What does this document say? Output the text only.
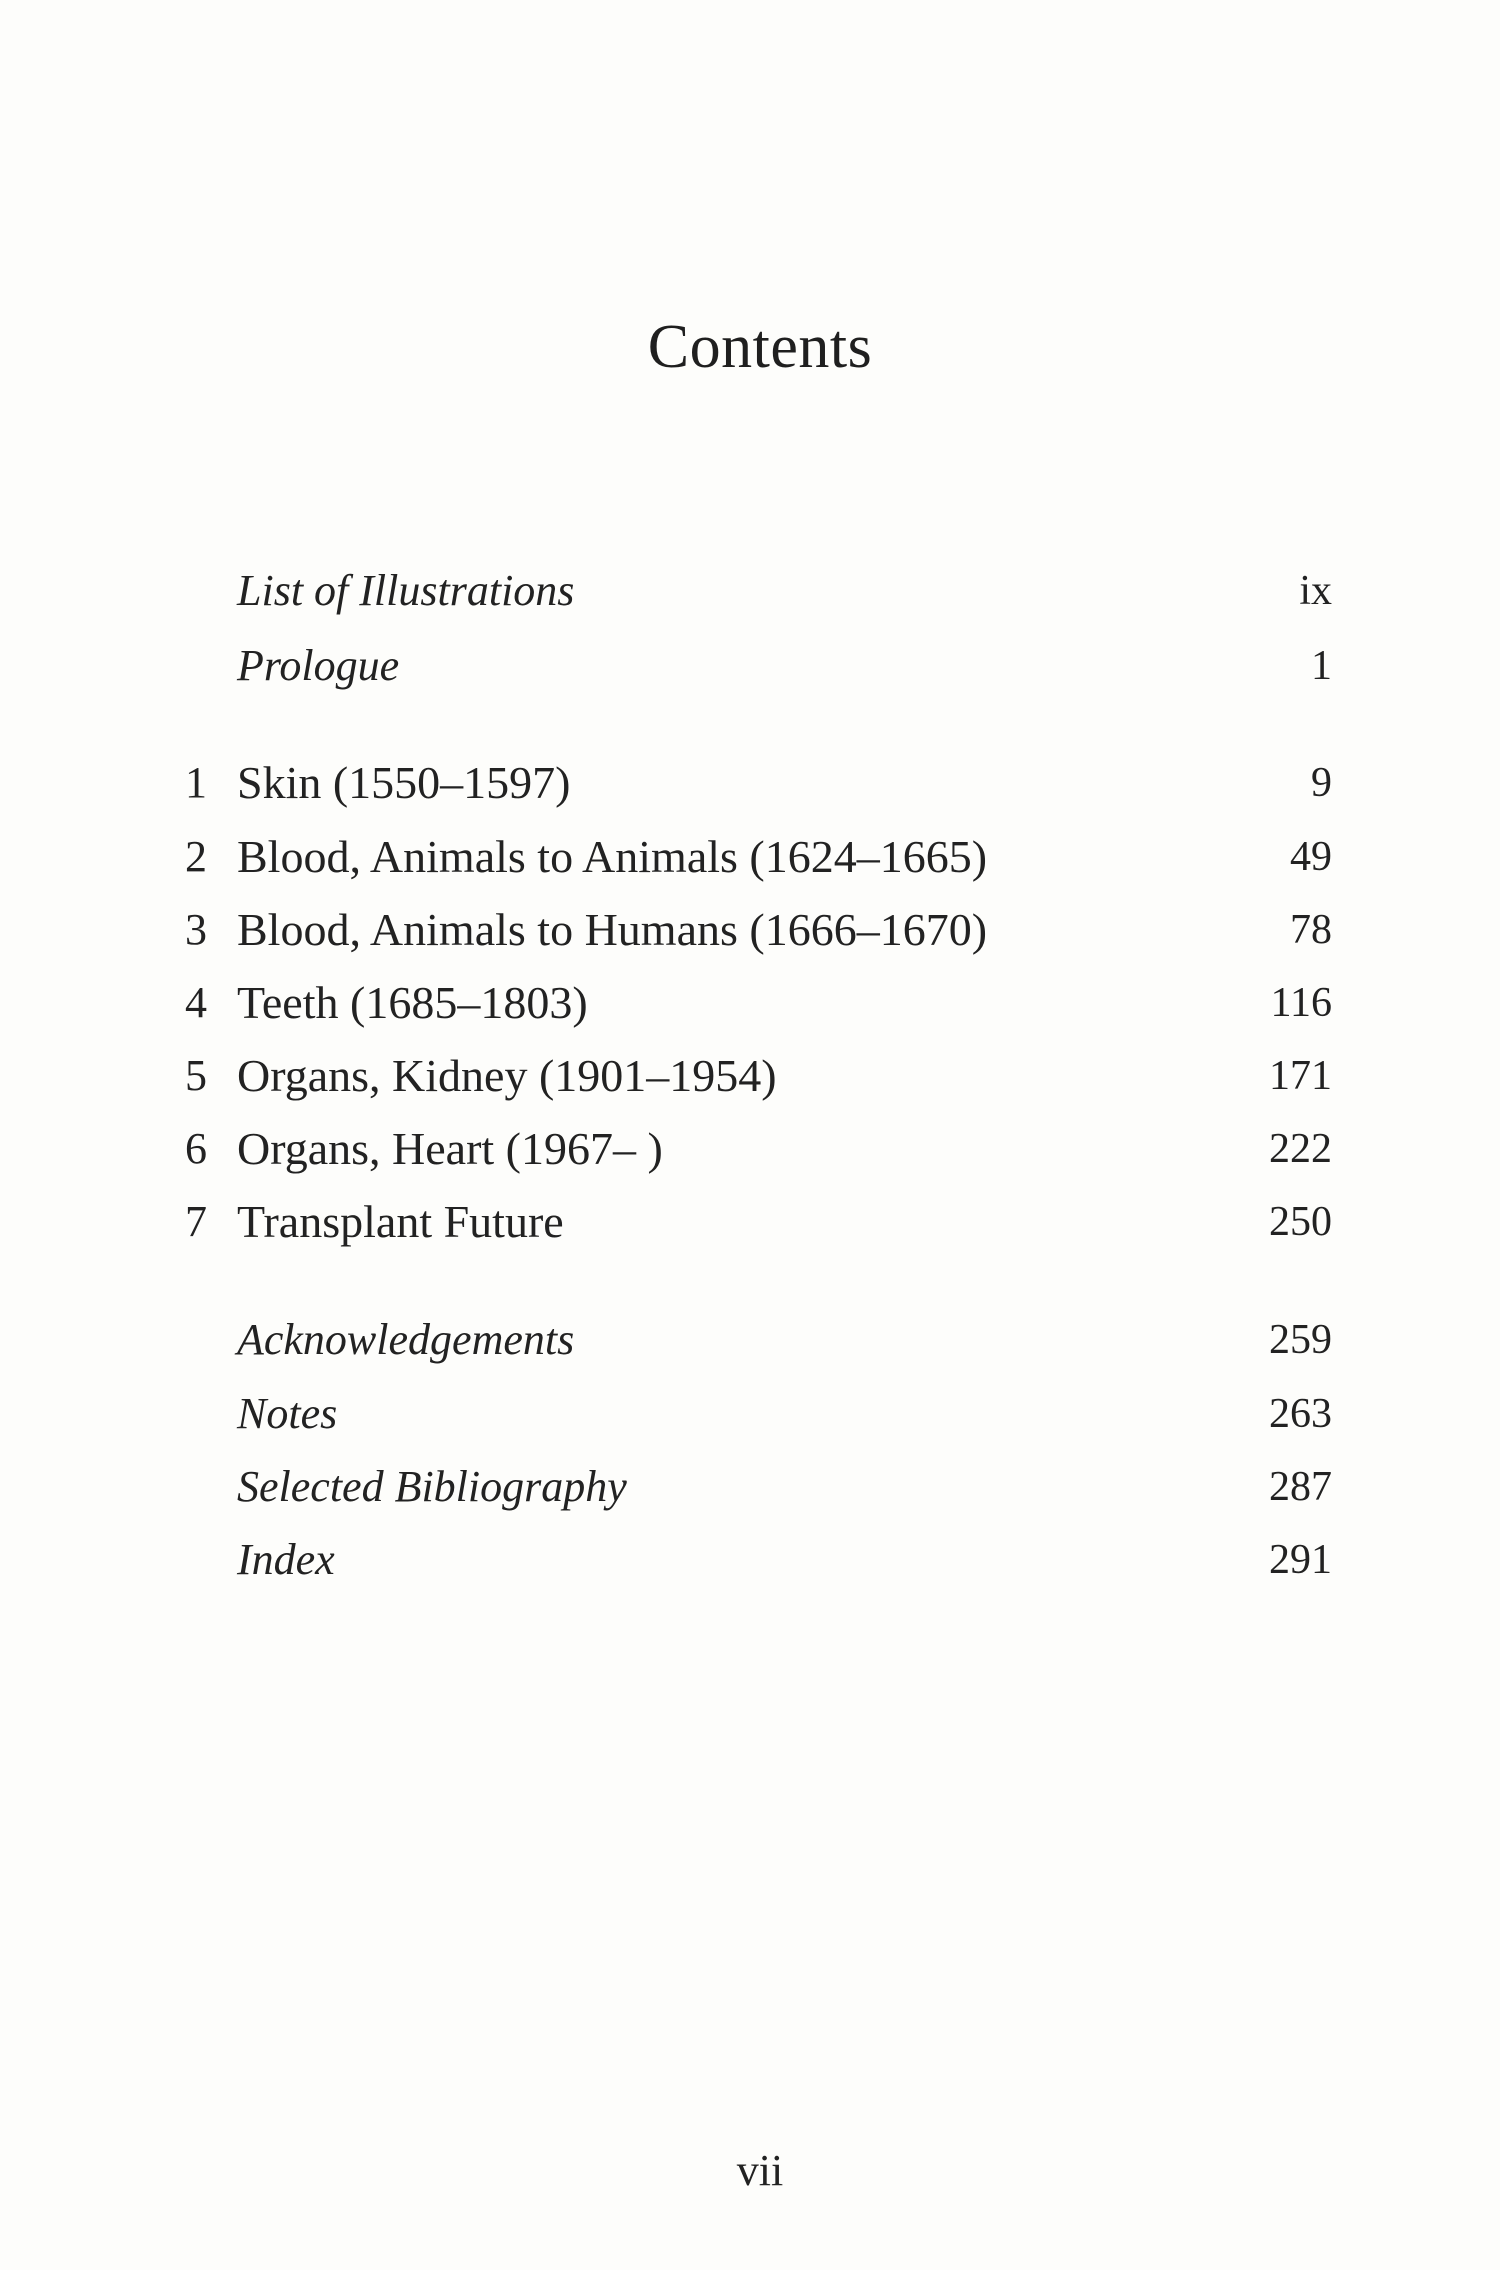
Contents
List of Illustrations	ix
Prologue	1
1 Skin (1550–1597)	9
2 Blood, Animals to Animals (1624–1665)	49
3 Blood, Animals to Humans (1666–1670)	78
4 Teeth (1685–1803)	116
5 Organs, Kidney (1901–1954)	171
6 Organs, Heart (1967– )	222
7 Transplant Future	250
Acknowledgements	259
Notes	263
Selected Bibliography	287
Index	291
vii
